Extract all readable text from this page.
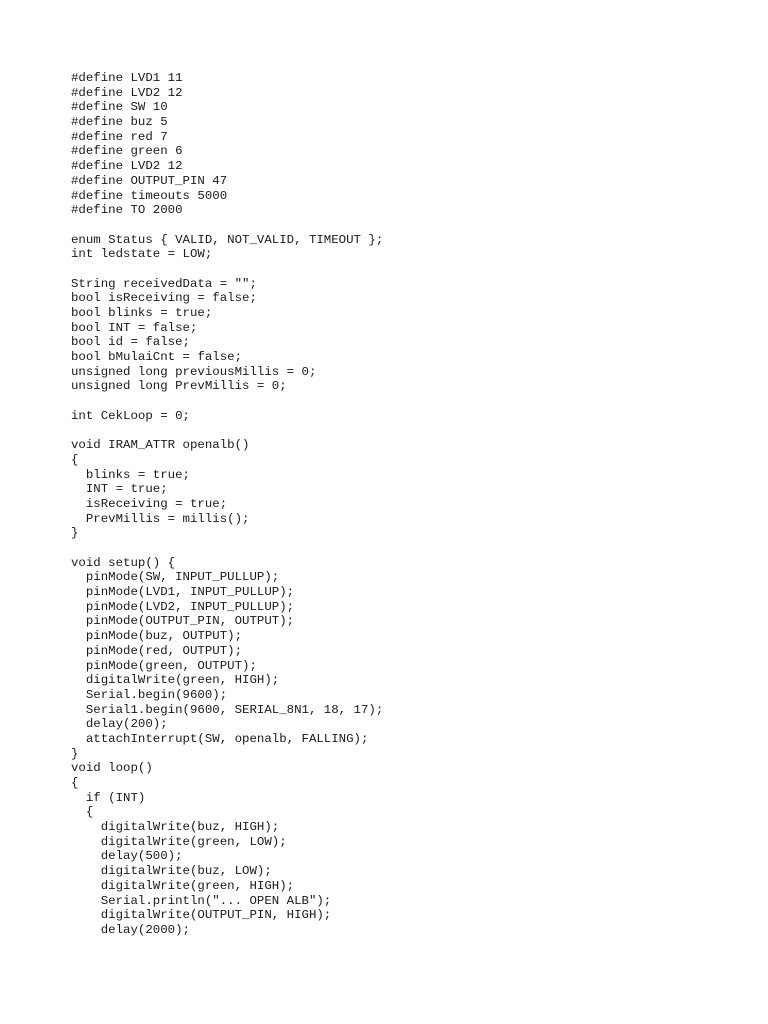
#define LVD1 11
#define LVD2 12
#define SW 10
#define buz 5
#define red 7
#define green 6
#define LVD2 12
#define OUTPUT_PIN 47
#define timeouts 5000
#define TO 2000
enum Status { VALID, NOT_VALID, TIMEOUT };
int ledstate = LOW;
String receivedData = "";
bool isReceiving = false;
bool blinks = true;
bool INT = false;
bool id = false;
bool bMulaiCnt = false;
unsigned long previousMillis = 0;
unsigned long PrevMillis = 0;
int CekLoop = 0;
void IRAM_ATTR openalb()
{
blinks = true;
INT = true;
isReceiving = true;
PrevMillis = millis();
}
void setup() {
pinMode(SW, INPUT_PULLUP);
pinMode(LVD1, INPUT_PULLUP);
pinMode(LVD2, INPUT_PULLUP);
pinMode(OUTPUT_PIN, OUTPUT);
pinMode(buz, OUTPUT);
pinMode(red, OUTPUT);
pinMode(green, OUTPUT);
digitalWrite(green, HIGH);
Serial.begin(9600);
Serial1.begin(9600, SERIAL_8N1, 18, 17);
delay(200);
attachInterrupt(SW, openalb, FALLING);
}
void loop()
{
if (INT)
{
digitalWrite(buz, HIGH);
digitalWrite(green, LOW);
delay(500);
digitalWrite(buz, LOW);
digitalWrite(green, HIGH);
Serial.println("... OPEN ALB");
digitalWrite(OUTPUT_PIN, HIGH);
delay(2000);
